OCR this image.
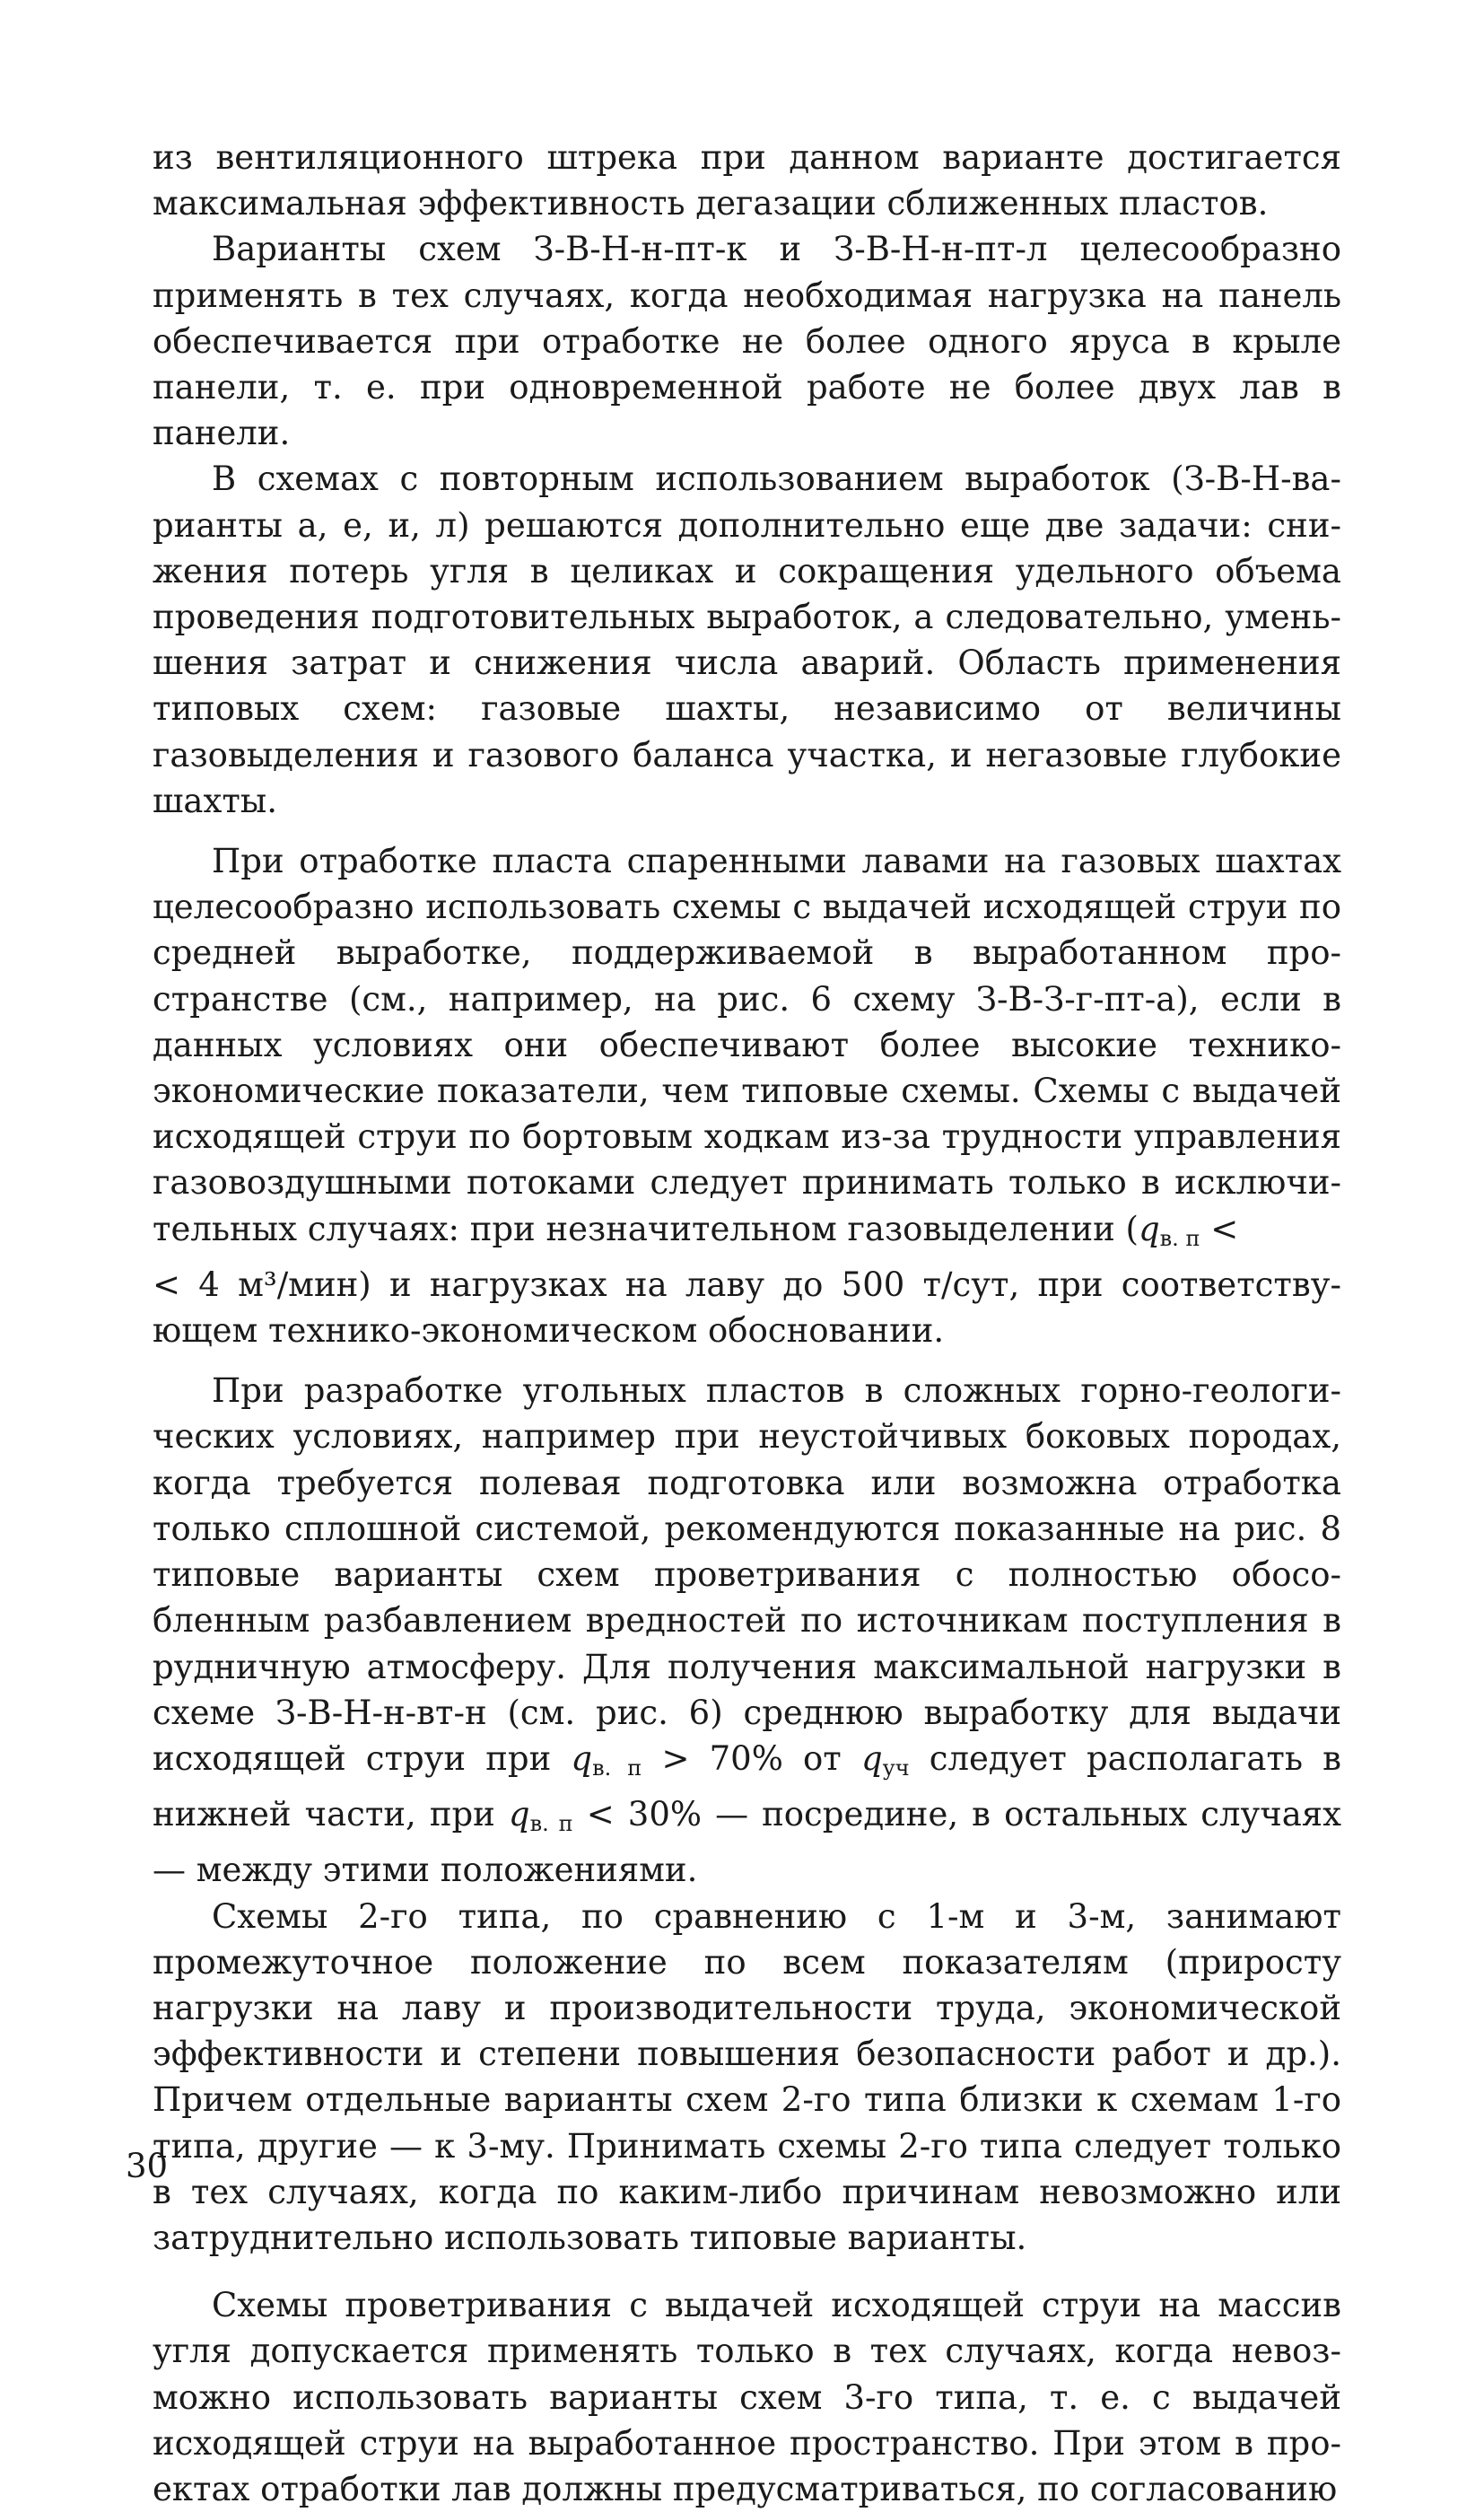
из вентиляционного штрека при данном варианте достигается максимальная эффективность дегазации сближенных пластов.

Варианты схем З-В-Н-н-пт-к и З-В-Н-н-пт-л целесообразно применять в тех случаях, когда необходимая нагрузка на панель обеспечивается при отработке не более одного яруса в крыле панели, т. е. при одновременной работе не более двух лав в панели.

В схемах с повторным использованием выработок (З-В-Н-варианты а, е, и, л) решаются дополнительно еще две задачи: снижения потерь угля в целиках и сокращения удельного объема проведения подготовительных выработок, а следовательно, уменьшения затрат и снижения числа аварий. Область применения типовых схем: газовые шахты, независимо от величины газовыделения и газового баланса участка, и негазовые глубокие шахты.

При отработке пласта спаренными лавами на газовых шахтах целесообразно использовать схемы с выдачей исходящей струи по средней выработке, поддерживаемой в выработанном пространстве (см., например, на рис. 6 схему З-В-З-г-пт-а), если в данных условиях они обеспечивают более высокие технико-экономические показатели, чем типовые схемы. Схемы с выдачей исходящей струи по бортовым ходкам из-за трудности управления газовоздушными потоками следует принимать только в исключительных случаях: при незначительном газовыделении ($q_{в. п}$ <
< 4 м³/мин) и нагрузках на лаву до 500 т/сут, при соответствующем технико-экономическом обосновании.

При разработке угольных пластов в сложных горно-геологических условиях, например при неустойчивых боковых породах, когда требуется полевая подготовка или возможна отработка только сплошной системой, рекомендуются показанные на рис. 8 типовые варианты схем проветривания с полностью обособленным разбавлением вредностей по источникам поступления в рудничную атмосферу. Для получения максимальной нагрузки в схеме З-В-Н-н-вт-н (см. рис. 6) среднюю выработку для выдачи исходящей струи при $q_{в. п} > 70\%$ от $q_{уч}$ следует располагать в нижней части, при $q_{в. п} < 30\%$ — посредине, в остальных случаях — между этими положениями.

Схемы 2-го типа, по сравнению с 1-м и 3-м, занимают промежуточное положение по всем показателям (приросту нагрузки на лаву и производительности труда, экономической эффективности и степени повышения безопасности работ и др.). Причем отдельные варианты схем 2-го типа близки к схемам 1-го типа, другие — к 3-му. Принимать схемы 2-го типа следует только в тех случаях, когда по каким-либо причинам невозможно или затруднительно использовать типовые варианты.

Схемы проветривания с выдачей исходящей струи на массив угля допускается применять только в тех случаях, когда невозможно использовать варианты схем 3-го типа, т. е. с выдачей исходящей струи на выработанное пространство. При этом в проектах отработки лав должны предусматриваться, по согласованию

30
